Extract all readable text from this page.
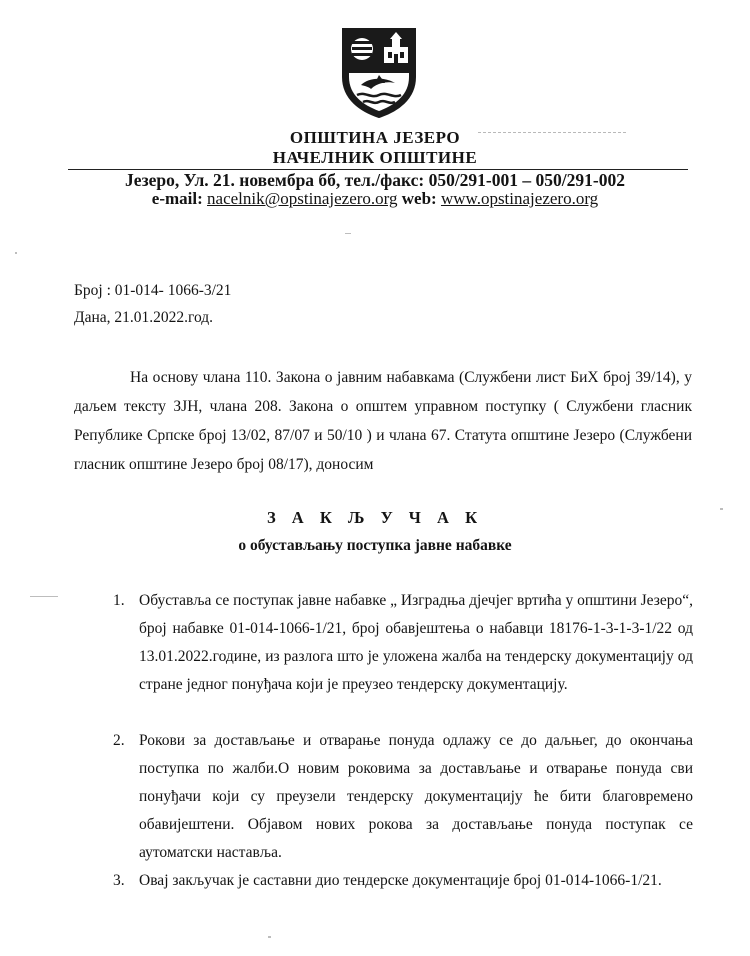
ОПШТИНА ЈЕЗЕРО
НАЧЕЛНИК ОПШТИНЕ
Језеро, Ул. 21. новембра бб, тел./факс: 050/291-001 – 050/291-002
e-mail: nacelnik@opstinajezero.org web: www.opstinajezero.org
Број : 01-014- 1066-3/21
Дана, 21.01.2022.год.
На основу члана 110. Закона о јавним набавкама (Службени лист БиХ број 39/14), у даљем тексту ЗЈН, члана 208. Закона о општем управном поступку ( Службени гласник Републике Српске број 13/02, 87/07 и 50/10 ) и члана 67. Статута општине Језеро (Службени гласник општине Језеро број 08/17), доносим
З А К Љ У Ч А К
о обустављању поступка јавне набавке
1. Обуставља се поступак јавне набавке „ Изградња дјечјег вртића у општини Језеро“, број набавке 01-014-1066-1/21, број обавјештења о набавци 18176-1-3-1-3-1/22 од 13.01.2022.године, из разлога што је уложена жалба на тендерску документацију од стране једног понуђача који је преузео тендерску документацију.
2. Рокови за достављање и отварање понуда одлажу се до даљњег, до окончања поступка по жалби.О новим роковима за достављање и отварање понуда сви понуђачи који су преузели тендерску документацију ће бити благовремено обавијештени. Објавом нових рокова за достављање понуда поступак се аутоматски наставља.
3. Овај закључак је саставни дио тендерске документације број 01-014-1066-1/21.
